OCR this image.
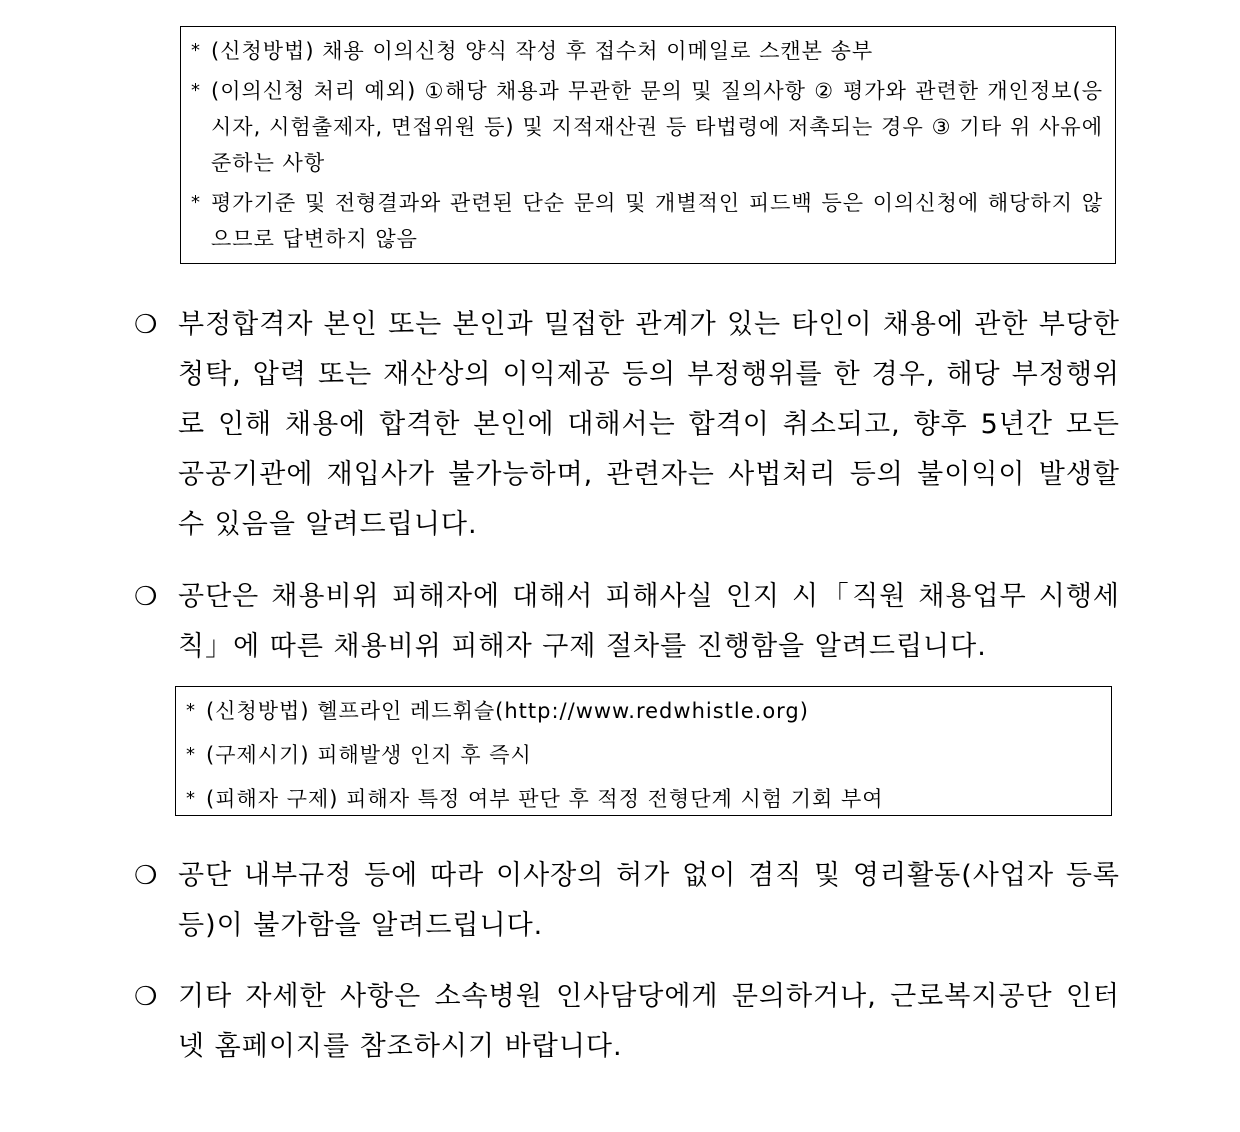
* (신청방법) 채용 이의신청 양식 작성 후 접수처 이메일로 스캔본 송부
* (이의신청 처리 예외) ①해당 채용과 무관한 문의 및 질의사항 ② 평가와 관련한 개인정보(응시자, 시험출제자, 면접위원 등) 및 지적재산권 등 타법령에 저촉되는 경우 ③ 기타 위 사유에 준하는 사항
* 평가기준 및 전형결과와 관련된 단순 문의 및 개별적인 피드백 등은 이의신청에 해당하지 않으므로 답변하지 않음
❍ 부정합격자 본인 또는 본인과 밀접한 관계가 있는 타인이 채용에 관한 부당한 청탁, 압력 또는 재산상의 이익제공 등의 부정행위를 한 경우, 해당 부정행위로 인해 채용에 합격한 본인에 대해서는 합격이 취소되고, 향후 5년간 모든 공공기관에 재입사가 불가능하며, 관련자는 사법처리 등의 불이익이 발생할 수 있음을 알려드립니다.
❍ 공단은 채용비위 피해자에 대해서 피해사실 인지 시「직원 채용업무 시행세칙」에 따른 채용비위 피해자 구제 절차를 진행함을 알려드립니다.
* (신청방법) 헬프라인 레드휘슬(http://www.redwhistle.org)
* (구제시기) 피해발생 인지 후 즉시
* (피해자 구제) 피해자 특정 여부 판단 후 적정 전형단계 시험 기회 부여
❍ 공단 내부규정 등에 따라 이사장의 허가 없이 겸직 및 영리활동(사업자 등록 등)이 불가함을 알려드립니다.
❍ 기타 자세한 사항은 소속병원 인사담당에게 문의하거나, 근로복지공단 인터넷 홈페이지를 참조하시기 바랍니다.
